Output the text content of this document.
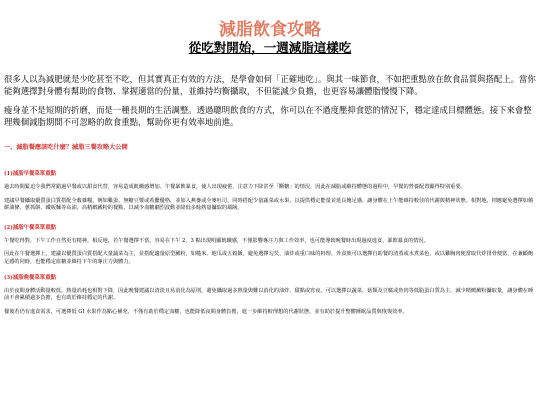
減脂飲食攻略
從吃對開始，一週減脂這樣吃

很多人以為減肥就是少吃甚至不吃，但其實真正有效的方法，是學會如何「正確地吃」。與其一味節食，不如把重點放在飲食品質與搭配上。當你能夠選擇對身體有幫助的食物、掌握適當的份量，並維持均衡攝取，不但能減少負擔，也更容易讓體脂慢慢下降。

瘦身並不是短期的折磨，而是一種長期的生活調整。透過聰明飲食的方式，你可以在不過度壓抑食慾的情況下，穩定達成目標體態。接下來會整理幾個減脂期間不可忽略的飲食重點，幫助你更有效率地前進。

一、減脂餐應該吃什麼？減脂三餐攻略大公開
(1)減脂早餐菜單重點

過去時間緊迫令我們常錯過早餐或以甜食代替，容易造成飢餓感增加、午餐暴飲暴食，使人出現疲倦、注意力下降甚至「斷糖」的情況，因此在減脂或維持體態的過程中，早餐的營養配置顯得特別重要。

建議早餐攝取優質蛋白質搭配全穀雜糧，例如雞蛋、無糖豆漿或希臘優格，並加入燕麥或全麥吐司，同時搭配少量蔬菜或水果，以提供穩定能量並延長飽足感，讓身體在上午能維持較佳的代謝與精神狀態。相對地，則應避免選擇如燒餅油條、蔥抓餅、鐵板麵等高油、高精緻澱粉的餐點，以減少血糖劇烈波動並降低多餘熱量攝取的風險。

(2)減脂午餐菜單重點

午餐吃得對，下午工作自然更有精神。相反地，若午餐選擇不當，容易在下午 2、3 點出現明顯飢餓感，不僅影響專注力與工作效率，也可能導致晚餐時出現過度進食、暴飲暴食的情況。

因此在午餐選擇上，建議以優質蛋白質搭配大量蔬菜為主，並搭配適量原型澱粉，如糙米、地瓜或五穀飯，避免選擇勾芡、油炸或重口味的料理。外食族可以選擇自助餐的清蒸或水煮菜色，或以雞胸肉便當取代炸排骨便當，在兼顧飽足感的同時，也能穩定血糖並維持下午的專注力與體力。

(3)減脂晚餐菜單重點

由於夜間身體活動量較低，熱量消耗也相對下降，因此晚餐建議以清淡且易消化為原則，避免攝取過多熱量與難以消化的油炸、甜點或宵夜。可以選擇以蔬菜、菇類及豆腐或魚肉等低脂蛋白質為主，減少精緻澱粉攝取量，讓身體在睡前不會累積過多負擔，也有助於維持穩定的代謝。

餐後若仍有進食需求，可選擇低 GI 水果作為點心補充，不僅有助於穩定血糖，也能降低夜間身體負擔，進一步維持較理想的代謝狀態，並有助於提升整體睡眠品質與恢復效率。
